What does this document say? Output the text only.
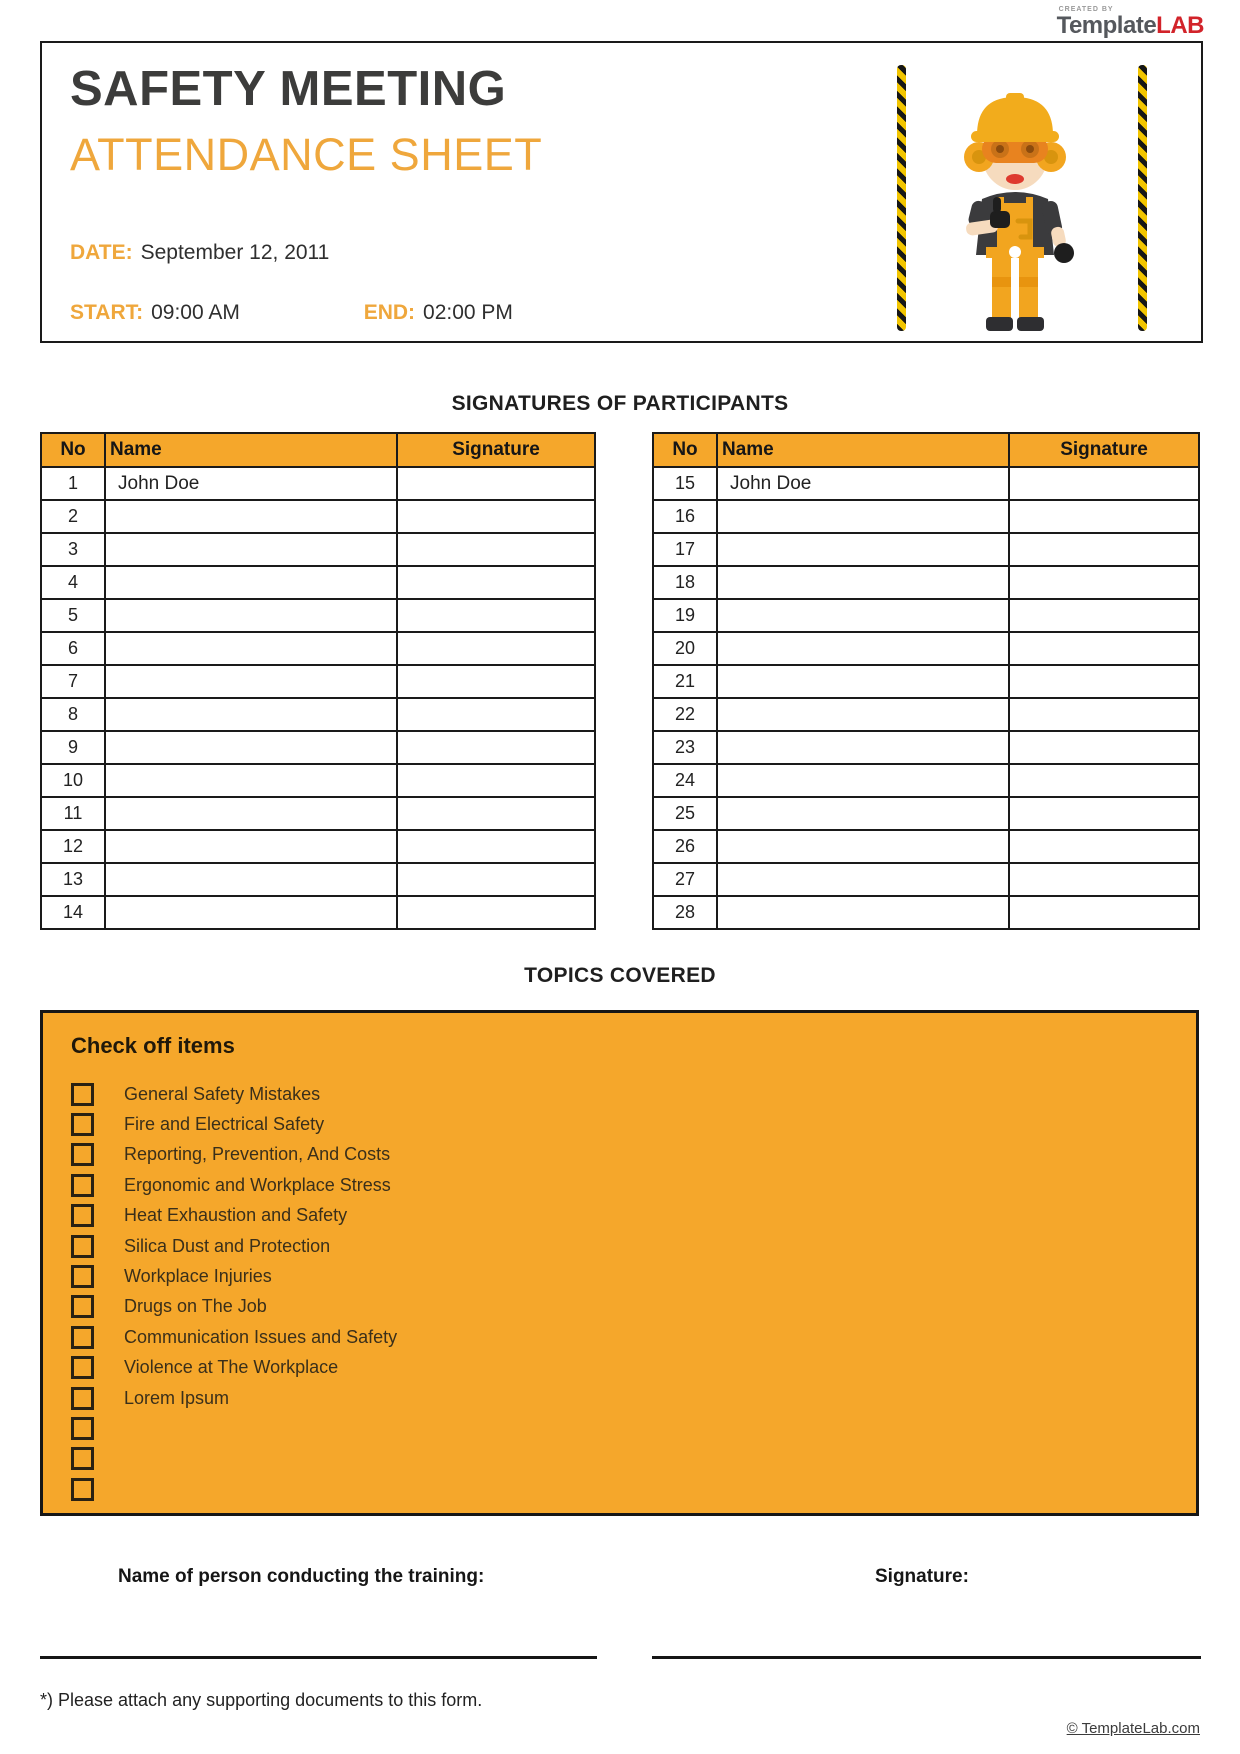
CREATED BY
TemplateLAB
SAFETY MEETING
ATTENDANCE SHEET
DATE: September 12, 2011
START: 09:00 AM	END: 02:00 PM
SIGNATURES OF PARTICIPANTS
No	Name	Signature
1	John Doe	
2		
3		
4		
5		
6		
7		
8		
9		
10		
11		
12		
13		
14		
No	Name	Signature
15	John Doe	
16		
17		
18		
19		
20		
21		
22		
23		
24		
25		
26		
27		
28		
TOPICS COVERED
Check off items
General Safety Mistakes
Fire and Electrical Safety
Reporting, Prevention, And Costs
Ergonomic and Workplace Stress
Heat Exhaustion and Safety
Silica Dust and Protection
Workplace Injuries
Drugs on The Job
Communication Issues and Safety
Violence at The Workplace
Lorem Ipsum
Name of person conducting the training:	Signature:
*) Please attach any supporting documents to this form.
© TemplateLab.com
